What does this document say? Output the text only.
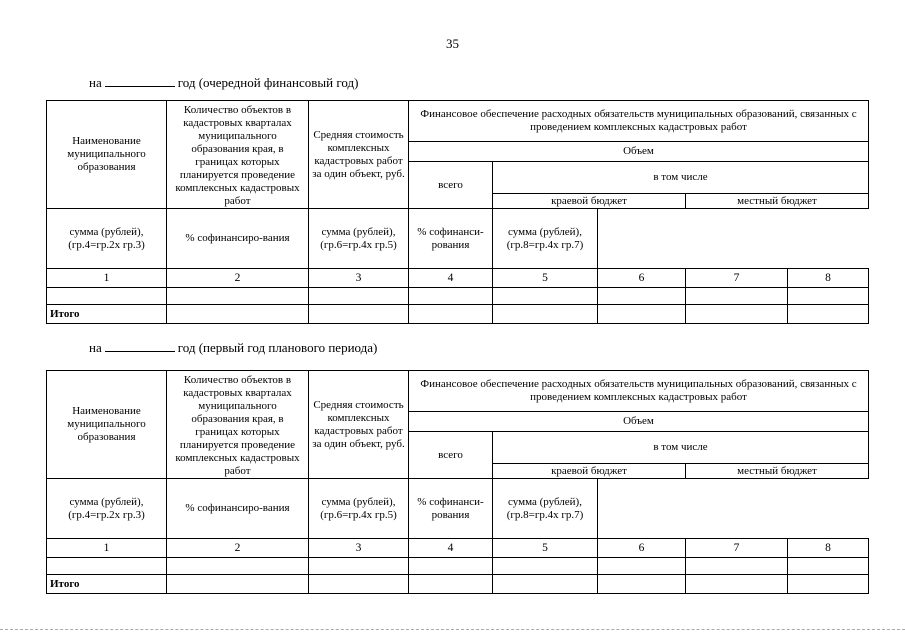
35
на	год (очередной финансовый год)
Наименование муниципального образования	Количество объектов в кадастровых кварталах муниципального образования края, в границах которых планируется проведение комплексных кадастровых работ	Средняя стоимость комплексных кадастровых работ за один объект, руб.	Финансовое обеспечение расходных обязательств муниципальных образований, связанных с проведением комплексных кадастровых работ				
			Объем				
			всего	в том числе			
				краевой бюджет		местный бюджет	
сумма (рублей), (гр.4=гр.2х гр.3)	% софинансиро-вания	сумма (рублей), (гр.6=гр.4х гр.5)	% софинанси-рования	сумма (рублей), (гр.8=гр.4х гр.7)			
1	2	3	4	5	6	7	8

Итого							
на	год (первый год планового периода)
Наименование муниципального образования	Количество объектов в кадастровых кварталах муниципального образования края, в границах которых планируется проведение комплексных кадастровых работ	Средняя стоимость комплексных кадастровых работ за один объект, руб.	Финансовое обеспечение расходных обязательств муниципальных образований, связанных с проведением комплексных кадастровых работ				
			Объем				
			всего	в том числе			
				краевой бюджет		местный бюджет	
сумма (рублей), (гр.4=гр.2х гр.3)	% софинансиро-вания	сумма (рублей), (гр.6=гр.4х гр.5)	% софинанси-рования	сумма (рублей), (гр.8=гр.4х гр.7)			
1	2	3	4	5	6	7	8

Итого							
